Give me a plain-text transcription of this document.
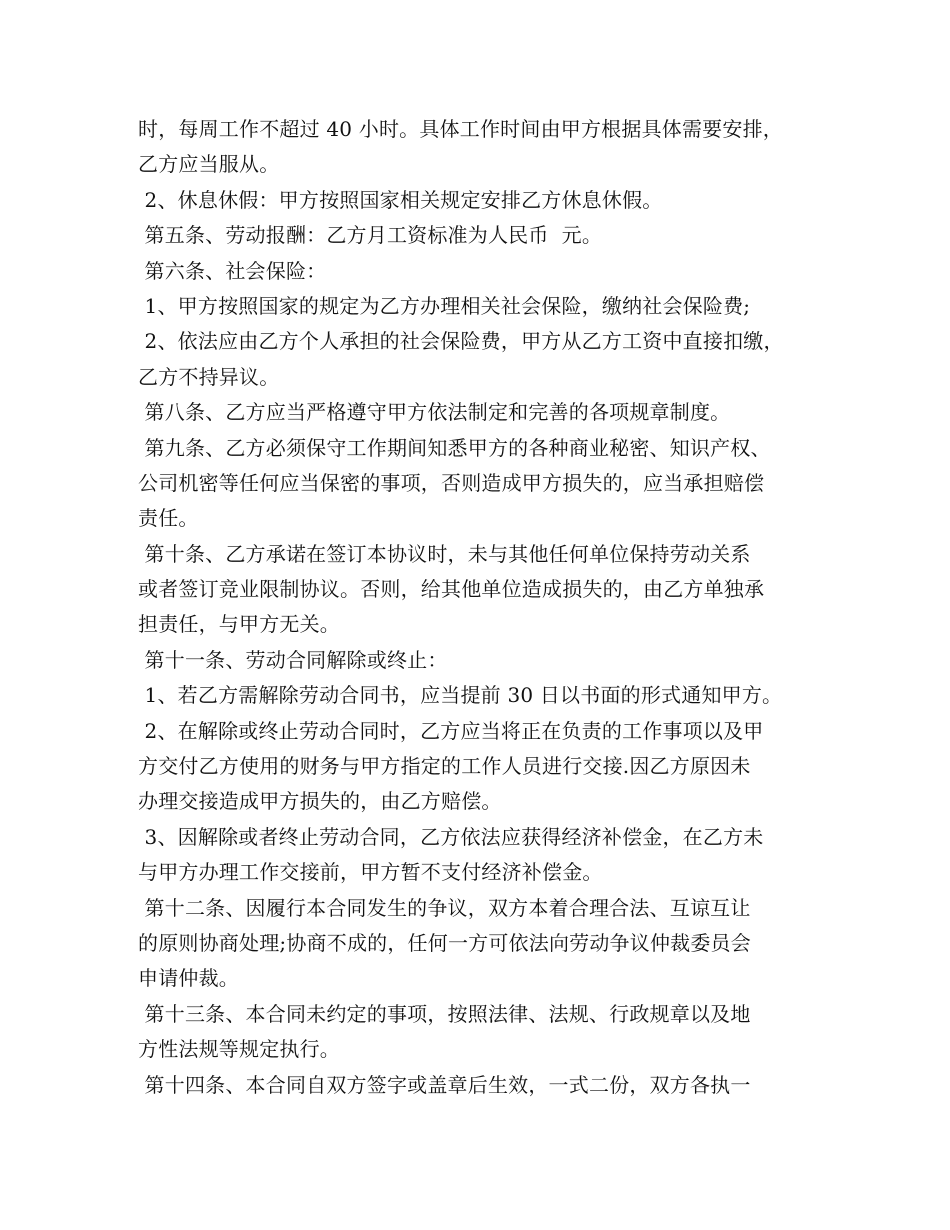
时，每周工作不超过 40 小时。具体工作时间由甲方根据具体需要安排，
乙方应当服从。
2、休息休假：甲方按照国家相关规定安排乙方休息休假。
第五条、劳动报酬：乙方月工资标准为人民币  元。
第六条、社会保险：
1、甲方按照国家的规定为乙方办理相关社会保险，缴纳社会保险费;
2、依法应由乙方个人承担的社会保险费，甲方从乙方工资中直接扣缴，
乙方不持异议。
第八条、乙方应当严格遵守甲方依法制定和完善的各项规章制度。
第九条、乙方必须保守工作期间知悉甲方的各种商业秘密、知识产权、
公司机密等任何应当保密的事项，否则造成甲方损失的，应当承担赔偿
责任。
第十条、乙方承诺在签订本协议时，未与其他任何单位保持劳动关系
或者签订竞业限制协议。否则，给其他单位造成损失的，由乙方单独承
担责任，与甲方无关。
第十一条、劳动合同解除或终止：
1、若乙方需解除劳动合同书，应当提前 30 日以书面的形式通知甲方。
2、在解除或终止劳动合同时，乙方应当将正在负责的工作事项以及甲
方交付乙方使用的财务与甲方指定的工作人员进行交接.因乙方原因未
办理交接造成甲方损失的，由乙方赔偿。
3、因解除或者终止劳动合同，乙方依法应获得经济补偿金，在乙方未
与甲方办理工作交接前，甲方暂不支付经济补偿金。
第十二条、因履行本合同发生的争议，双方本着合理合法、互谅互让
的原则协商处理;协商不成的，任何一方可依法向劳动争议仲裁委员会
申请仲裁。
第十三条、本合同未约定的事项，按照法律、法规、行政规章以及地
方性法规等规定执行。
第十四条、本合同自双方签字或盖章后生效，一式二份，双方各执一
